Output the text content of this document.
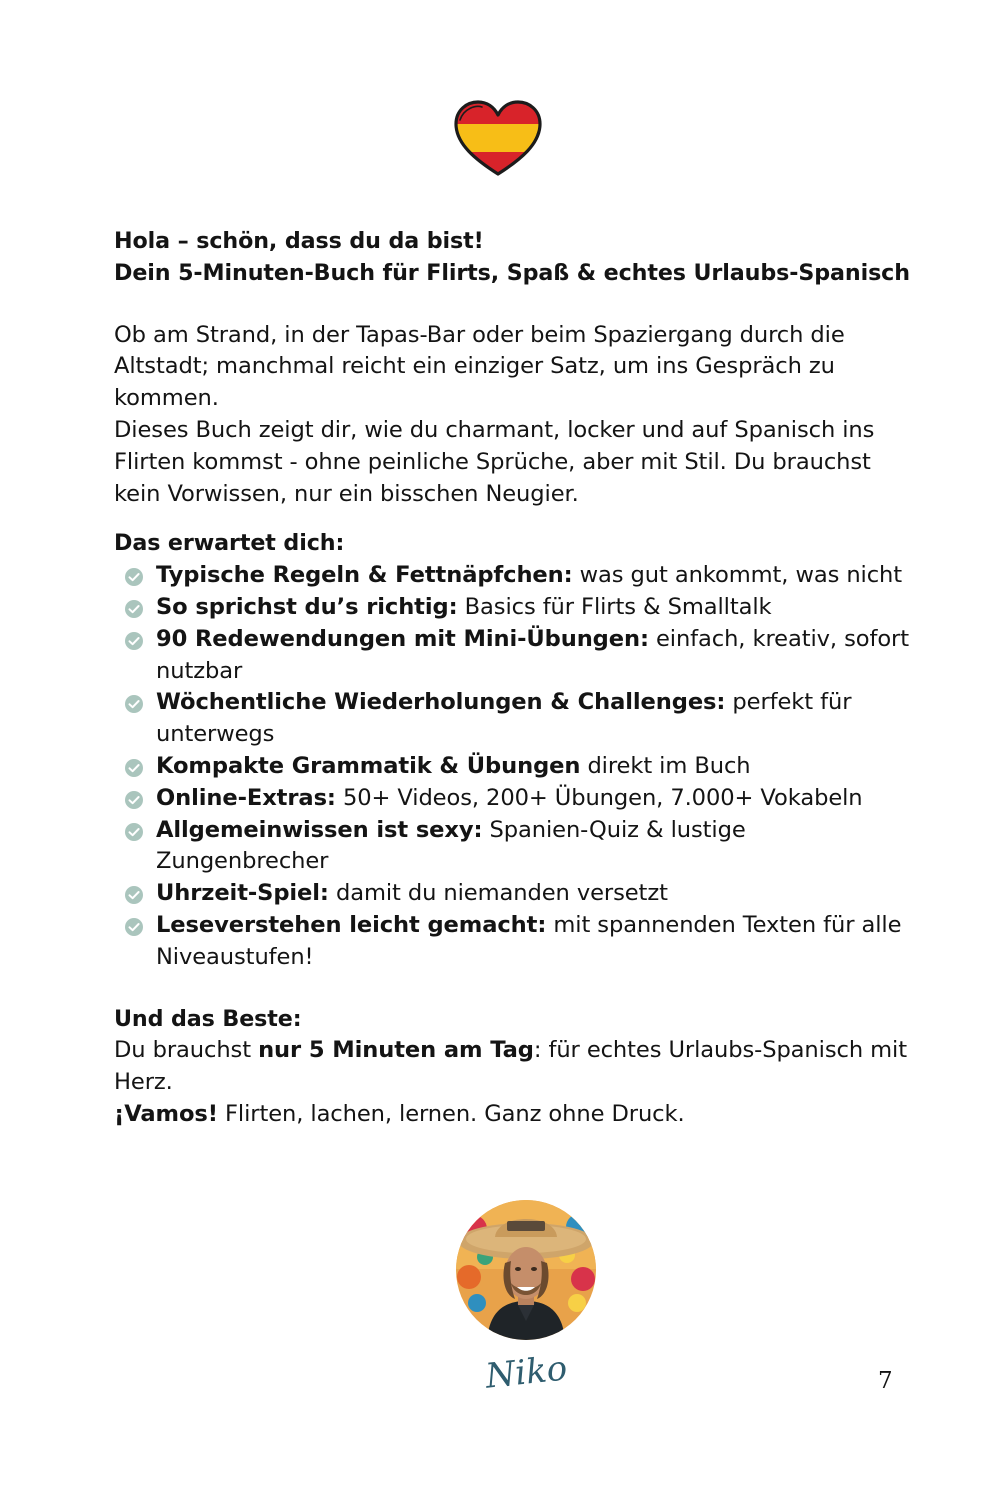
Hola – schön, dass du da bist!

Dein 5-Minuten-Buch für Flirts, Spaß & echtes Urlaubs-Spanisch

Ob am Strand, in der Tapas-Bar oder beim Spaziergang durch die Altstadt; manchmal reicht ein einziger Satz, um ins Gespräch zu kommen.

Dieses Buch zeigt dir, wie du charmant, locker und auf Spanisch ins Flirten kommst - ohne peinliche Sprüche, aber mit Stil. Du brauchst kein Vorwissen, nur ein bisschen Neugier.

Das erwartet dich:

Typische Regeln & Fettnäpfchen: was gut ankommt, was nicht
So sprichst du’s richtig: Basics für Flirts & Smalltalk
90 Redewendungen mit Mini-Übungen: einfach, kreativ, sofort nutzbar
Wöchentliche Wiederholungen & Challenges: perfekt für unterwegs
Kompakte Grammatik & Übungen direkt im Buch
Online-Extras: 50+ Videos, 200+ Übungen, 7.000+ Vokabeln
Allgemeinwissen ist sexy: Spanien-Quiz & lustige Zungenbrecher
Uhrzeit-Spiel: damit du niemanden versetzt
Leseverstehen leicht gemacht: mit spannenden Texten für alle Niveaustufen!

Und das Beste:

Du brauchst nur 5 Minuten am Tag: für echtes Urlaubs-Spanisch mit Herz.

¡Vamos! Flirten, lachen, lernen. Ganz ohne Druck.

Niko	7
